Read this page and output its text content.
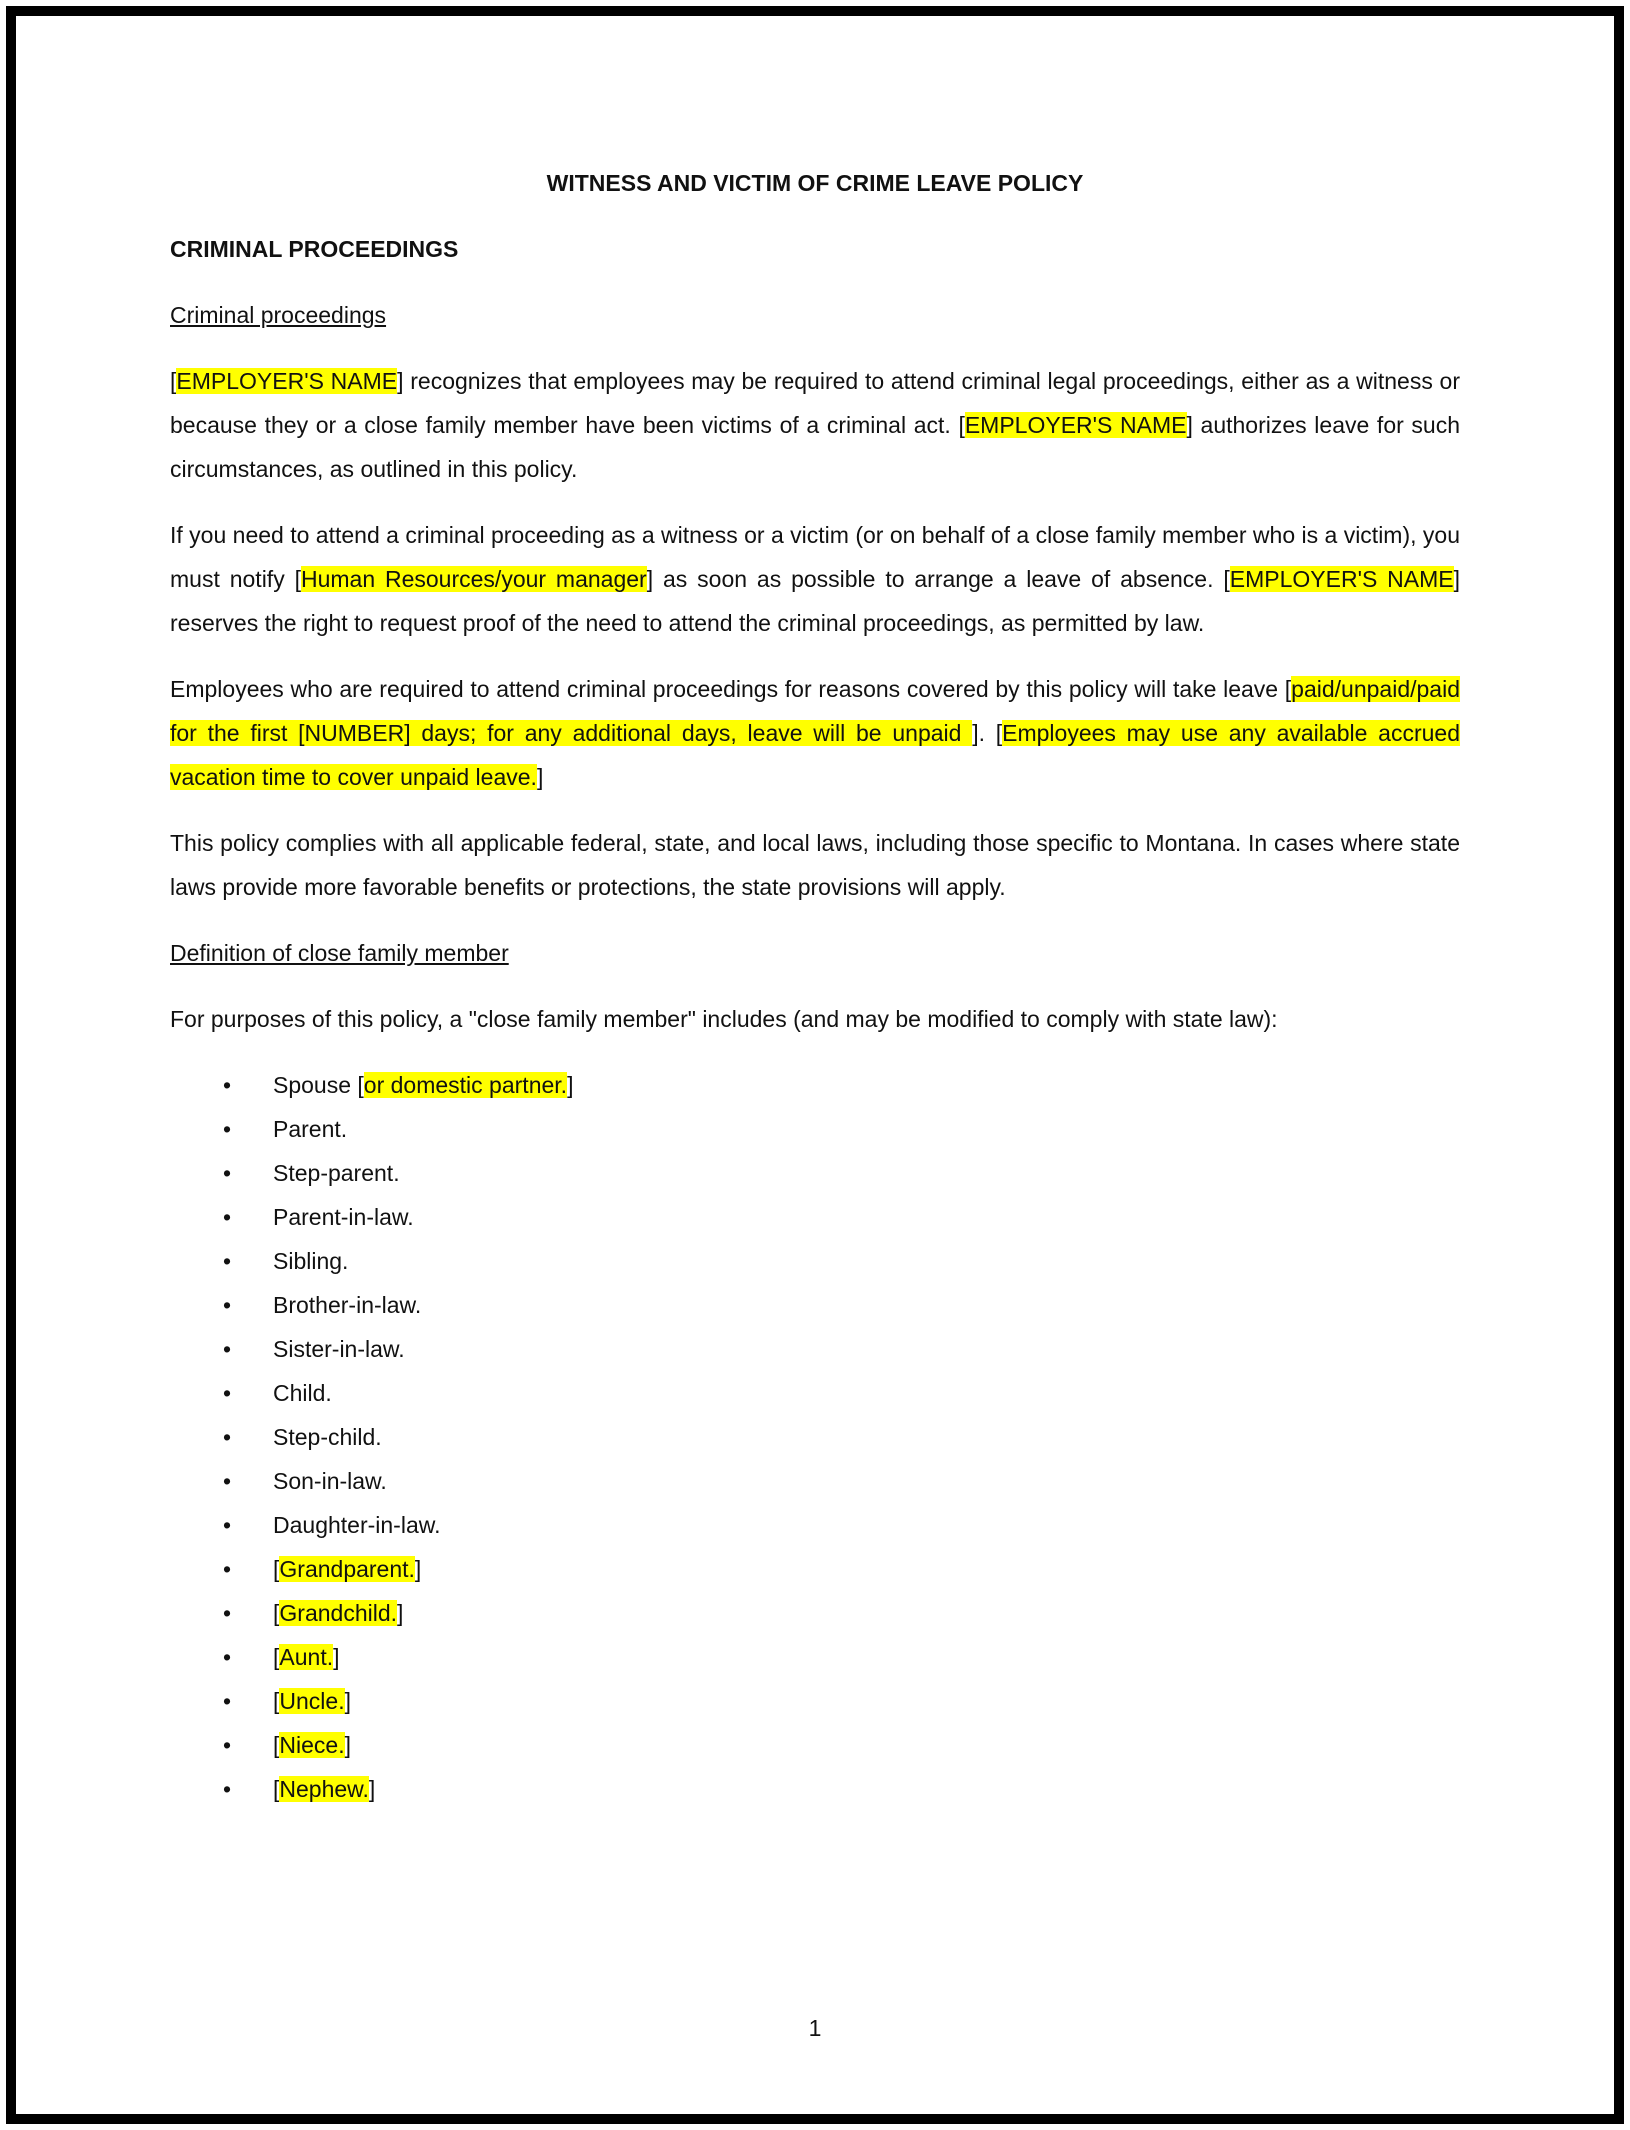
WITNESS AND VICTIM OF CRIME LEAVE POLICY
CRIMINAL PROCEEDINGS
Criminal proceedings

[EMPLOYER'S NAME] recognizes that employees may be required to attend criminal legal proceedings, either as a witness or because they or a close family member have been victims of a criminal act. [EMPLOYER'S NAME] authorizes leave for such circumstances, as outlined in this policy.

If you need to attend a criminal proceeding as a witness or a victim (or on behalf of a close family member who is a victim), you must notify [Human Resources/your manager] as soon as possible to arrange a leave of absence. [EMPLOYER'S NAME] reserves the right to request proof of the need to attend the criminal proceedings, as permitted by law.

Employees who are required to attend criminal proceedings for reasons covered by this policy will take leave [paid/unpaid/paid for the first [NUMBER] days; for any additional days, leave will be unpaid ]. [Employees may use any available accrued vacation time to cover unpaid leave.]

This policy complies with all applicable federal, state, and local laws, including those specific to Montana. In cases where state laws provide more favorable benefits or protections, the state provisions will apply.

Definition of close family member

For purposes of this policy, a "close family member" includes (and may be modified to comply with state law):

• Spouse [or domestic partner.]
• Parent.
• Step-parent.
• Parent-in-law.
• Sibling.
• Brother-in-law.
• Sister-in-law.
• Child.
• Step-child.
• Son-in-law.
• Daughter-in-law.
• [Grandparent.]
• [Grandchild.]
• [Aunt.]
• [Uncle.]
• [Niece.]
• [Nephew.]
1
